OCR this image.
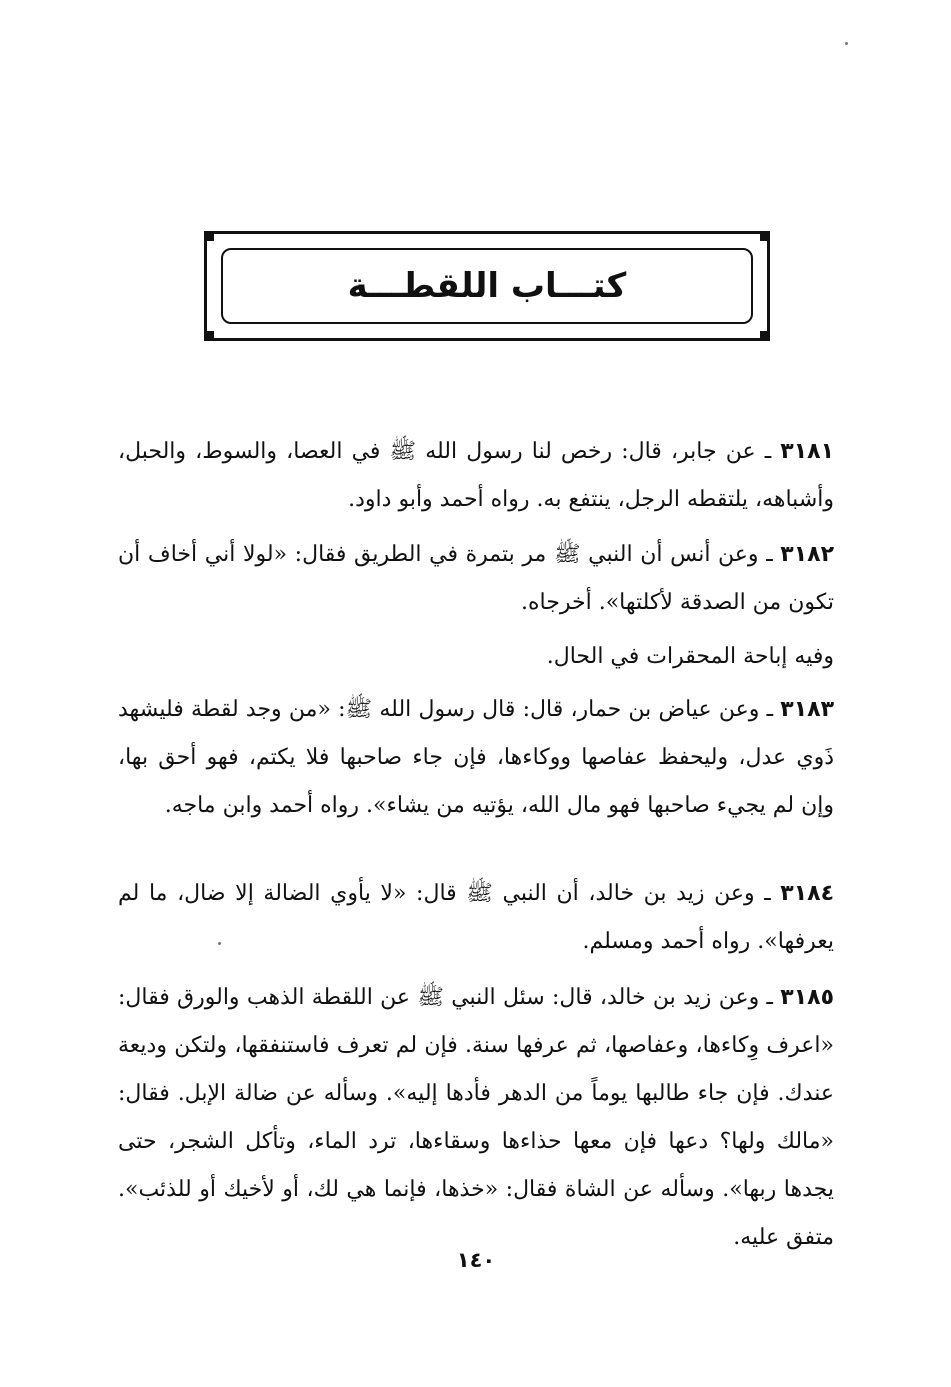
كتـــاب اللقطـــة

٣١٨١ ـ عن جابر، قال: رخص لنا رسول الله ﷺ في العصا، والسوط، والحبل، وأشباهه، يلتقطه الرجل، ينتفع به. رواه أحمد وأبو داود.

٣١٨٢ ـ وعن أنس أن النبي ﷺ مر بتمرة في الطريق فقال: «لولا أني أخاف أن تكون من الصدقة لأكلتها». أخرجاه.

وفيه إباحة المحقرات في الحال.

٣١٨٣ ـ وعن عياض بن حمار، قال: قال رسول الله ﷺ: «من وجد لقطة فليشهد ذَوي عدل، وليحفظ عفاصها ووكاءها، فإن جاء صاحبها فلا يكتم، فهو أحق بها، وإن لم يجيء صاحبها فهو مال الله، يؤتيه من يشاء». رواه أحمد وابن ماجه.

٣١٨٤ ـ وعن زيد بن خالد، أن النبي ﷺ قال: «لا يأوي الضالة إلا ضال، ما لم يعرفها». رواه أحمد ومسلم.

٣١٨٥ ـ وعن زيد بن خالد، قال: سئل النبي ﷺ عن اللقطة الذهب والورق فقال: «اعرف وِكاءها، وعفاصها، ثم عرفها سنة. فإن لم تعرف فاستنفقها، ولتكن وديعة عندك. فإن جاء طالبها يوماً من الدهر فأدها إليه». وسأله عن ضالة الإبل. فقال: «مالك ولها؟ دعها فإن معها حذاءها وسقاءها، ترد الماء، وتأكل الشجر، حتى يجدها ربها». وسأله عن الشاة فقال: «خذها، فإنما هي لك، أو لأخيك أو للذئب». متفق عليه.

١٤٠
